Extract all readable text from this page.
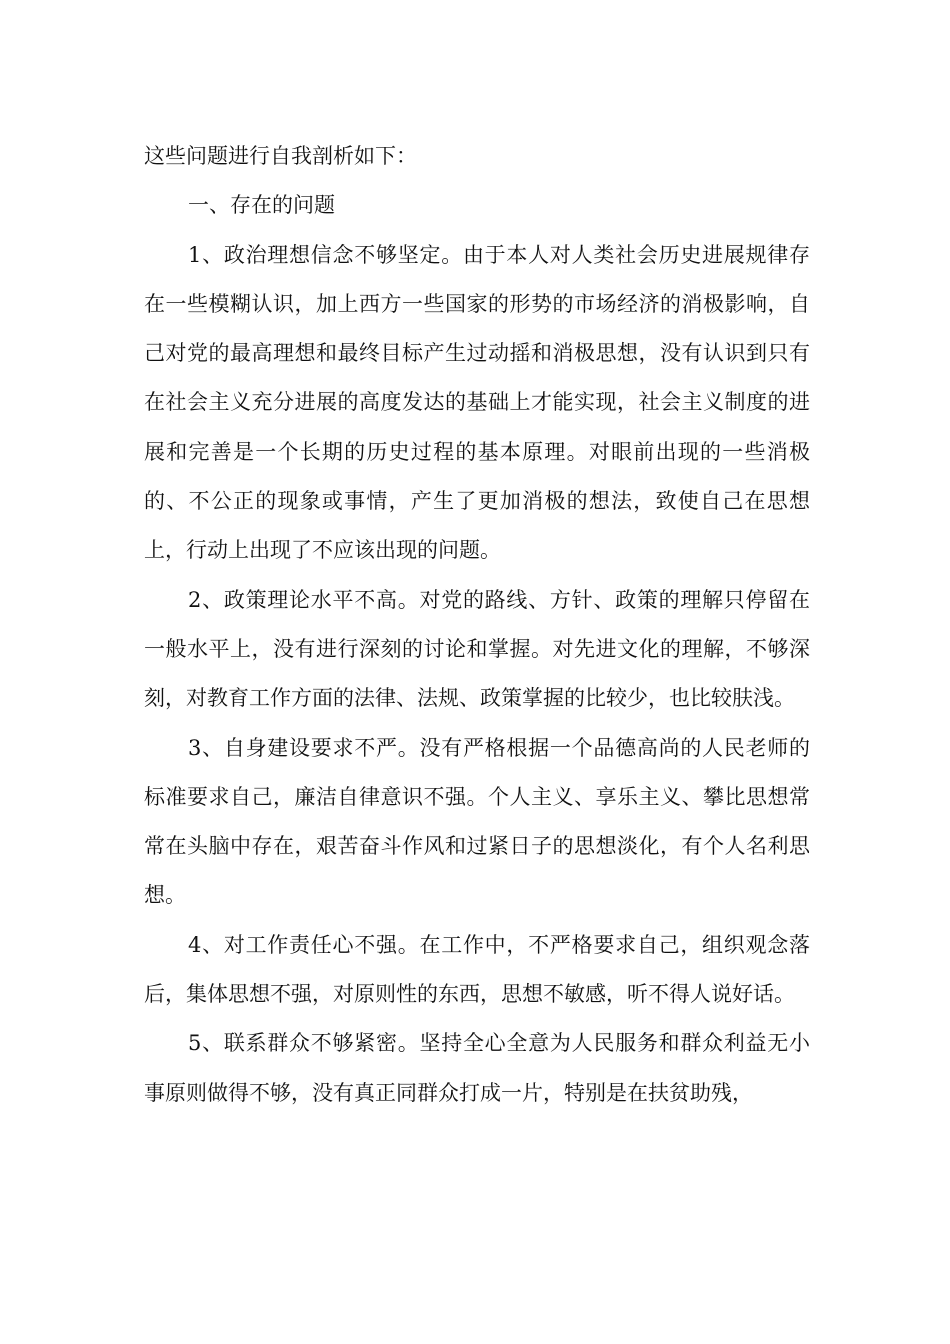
这些问题进行自我剖析如下：

一、存在的问题

1、政治理想信念不够坚定。由于本人对人类社会历史进展规律存在一些模糊认识，加上西方一些国家的形势的市场经济的消极影响，自己对党的最高理想和最终目标产生过动摇和消极思想，没有认识到只有在社会主义充分进展的高度发达的基础上才能实现，社会主义制度的进展和完善是一个长期的历史过程的基本原理。对眼前出现的一些消极的、不公正的现象或事情，产生了更加消极的想法，致使自己在思想上，行动上出现了不应该出现的问题。

2、政策理论水平不高。对党的路线、方针、政策的理解只停留在一般水平上，没有进行深刻的讨论和掌握。对先进文化的理解，不够深刻，对教育工作方面的法律、法规、政策掌握的比较少，也比较肤浅。

3、自身建设要求不严。没有严格根据一个品德高尚的人民老师的标准要求自己，廉洁自律意识不强。个人主义、享乐主义、攀比思想常常在头脑中存在，艰苦奋斗作风和过紧日子的思想淡化，有个人名利思想。

4、对工作责任心不强。在工作中，不严格要求自己，组织观念落后，集体思想不强，对原则性的东西，思想不敏感，听不得人说好话。

5、联系群众不够紧密。坚持全心全意为人民服务和群众利益无小事原则做得不够，没有真正同群众打成一片，特别是在扶贫助残，
